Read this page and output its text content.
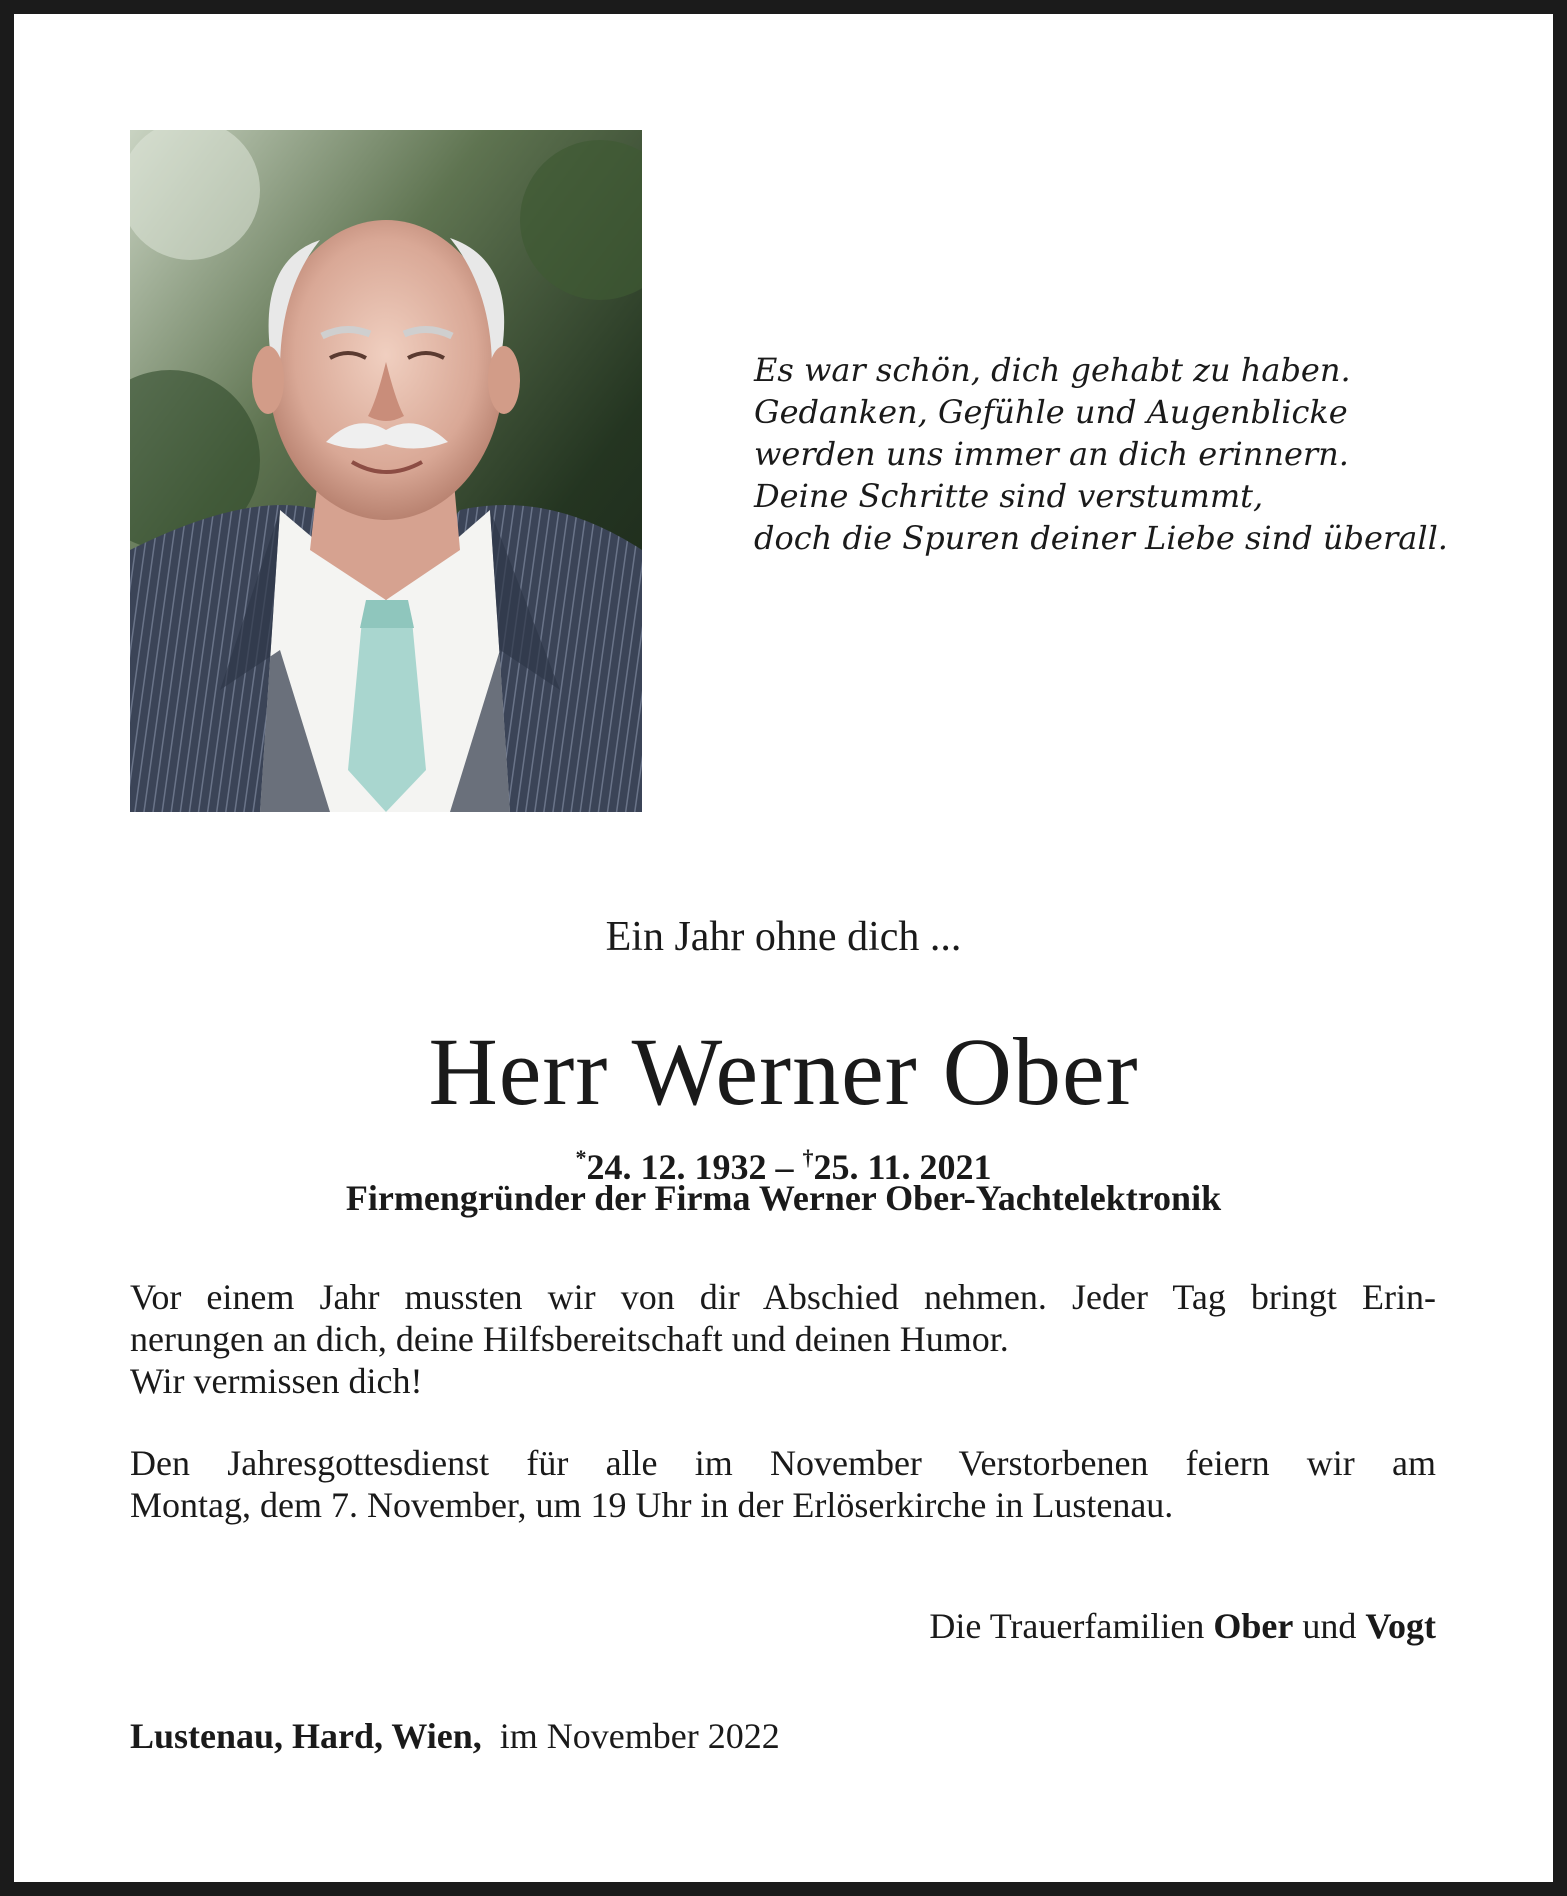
Es war schön, dich gehabt zu haben.
Gedanken, Gefühle und Augenblicke
werden uns immer an dich erinnern.
Deine Schritte sind verstummt,
doch die Spuren deiner Liebe sind überall.
Ein Jahr ohne dich ...
Herr Werner Ober
*24. 12. 1932 – †25. 11. 2021
Firmengründer der Firma Werner Ober-Yachtelektronik
Vor einem Jahr mussten wir von dir Abschied nehmen. Jeder Tag bringt Erin-
nerungen an dich, deine Hilfsbereitschaft und deinen Humor.
Wir vermissen dich!
Den Jahresgottesdienst für alle im November Verstorbenen feiern wir am
Montag, dem 7. November, um 19 Uhr in der Erlöserkirche in Lustenau.
Die Trauerfamilien Ober und Vogt
Lustenau, Hard, Wien, im November 2022
